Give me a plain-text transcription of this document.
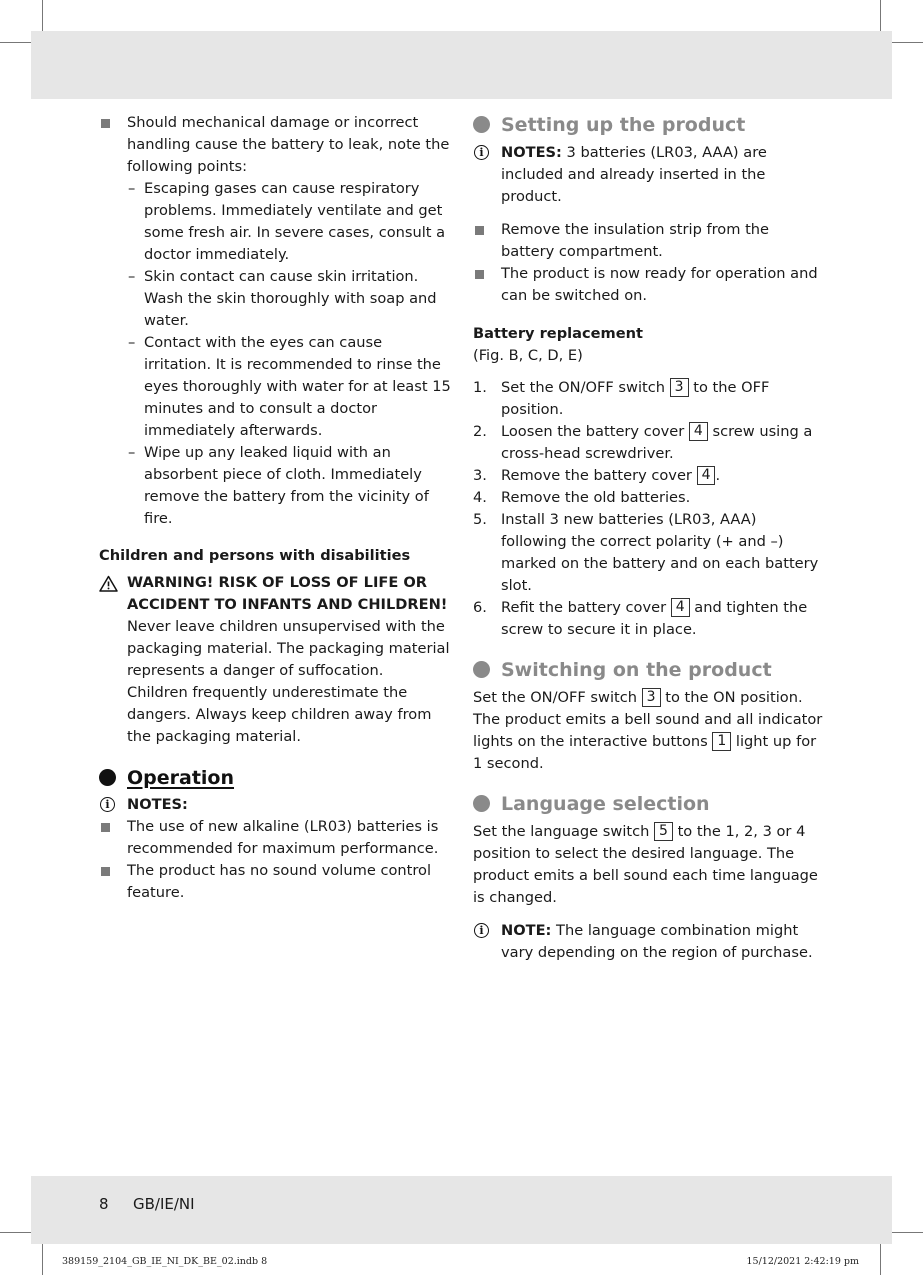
Should mechanical damage or incorrect handling cause the battery to leak, note the following points:

– Escaping gases can cause respiratory problems. Immediately ventilate and get some fresh air. In severe cases, consult a doctor immediately.

– Skin contact can cause skin irritation. Wash the skin thoroughly with soap and water.

– Contact with the eyes can cause irritation. It is recommended to rinse the eyes thoroughly with water for at least 15 minutes and to consult a doctor immediately afterwards.

– Wipe up any leaked liquid with an absorbent piece of cloth. Immediately remove the battery from the vicinity of fire.

Children and persons with disabilities

WARNING! RISK OF LOSS OF LIFE OR ACCIDENT TO INFANTS AND CHILDREN!

Never leave children unsupervised with the packaging material. The packaging material represents a danger of suffocation.

Children frequently underestimate the dangers. Always keep children away from the packaging material.

Operation
i	NOTES:

The use of new alkaline (LR03) batteries is recommended for maximum performance.

The product has no sound volume control feature.

Setting up the product
i	NOTES: 3 batteries (LR03, AAA) are included and already inserted in the product.

Remove the insulation strip from the battery compartment.

The product is now ready for operation and can be switched on.

Battery replacement

(Fig. B, C, D, E)

1. Set the ON/OFF switch 3 to the OFF position.

2. Loosen the battery cover 4 screw using a cross-head screwdriver.

3. Remove the battery cover 4 .

4. Remove the old batteries.

5. Install 3 new batteries (LR03, AAA) following the correct polarity (+ and –) marked on the battery and on each battery slot.

6. Refit the battery cover 4 and tighten the screw to secure it in place.

Switching on the product

Set the ON/OFF switch 3 to the ON position. The product emits a bell sound and all indicator lights on the interactive buttons 1 light up for 1 second.

Language selection

Set the language switch 5 to the 1, 2, 3 or 4 position to select the desired language. The product emits a bell sound each time language is changed.

i	NOTE: The language combination might vary depending on the region of purchase.

8 GB/IE/NI
389159_2104_GB_IE_NI_DK_BE_02.indb 8	15/12/2021 2:42:19 pm
